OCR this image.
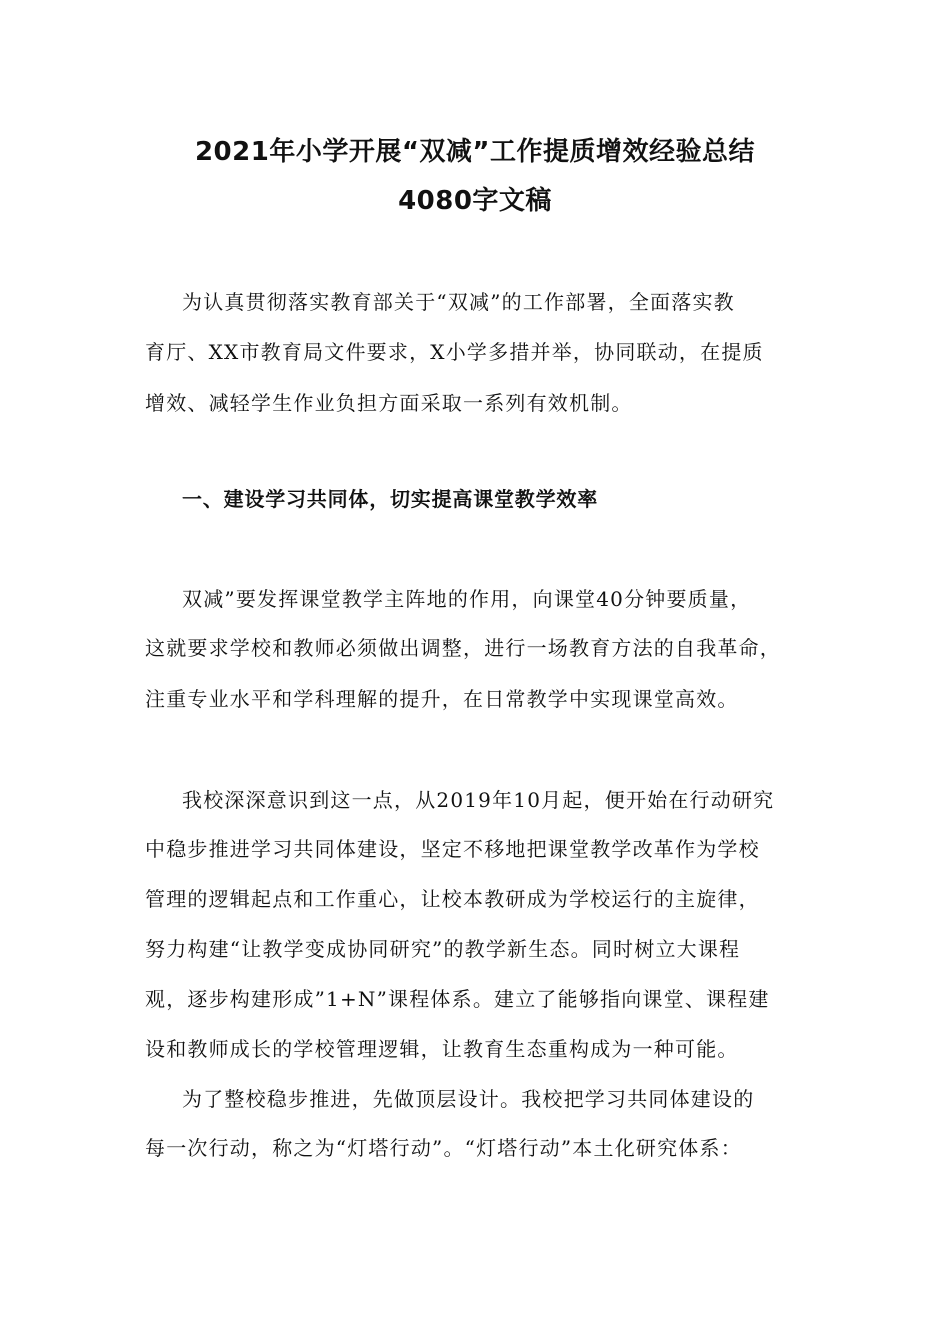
2021年小学开展“双减”工作提质增效经验总结
4080字文稿
为认真贯彻落实教育部关于“双减”的工作部署，全面落实教
育厅、XX市教育局文件要求，X小学多措并举，协同联动，在提质
增效、减轻学生作业负担方面采取一系列有效机制。
一、建设学习共同体，切实提高课堂教学效率
双减”要发挥课堂教学主阵地的作用，向课堂40分钟要质量，
这就要求学校和教师必须做出调整，进行一场教育方法的自我革命，
注重专业水平和学科理解的提升，在日常教学中实现课堂高效。
我校深深意识到这一点，从2019年10月起，便开始在行动研究
中稳步推进学习共同体建设，坚定不移地把课堂教学改革作为学校
管理的逻辑起点和工作重心，让校本教研成为学校运行的主旋律，
努力构建“让教学变成协同研究”的教学新生态。同时树立大课程
观，逐步构建形成”1+N”课程体系。建立了能够指向课堂、课程建
设和教师成长的学校管理逻辑，让教育生态重构成为一种可能。
为了整校稳步推进，先做顶层设计。我校把学习共同体建设的
每一次行动，称之为“灯塔行动”。“灯塔行动”本土化研究体系：
